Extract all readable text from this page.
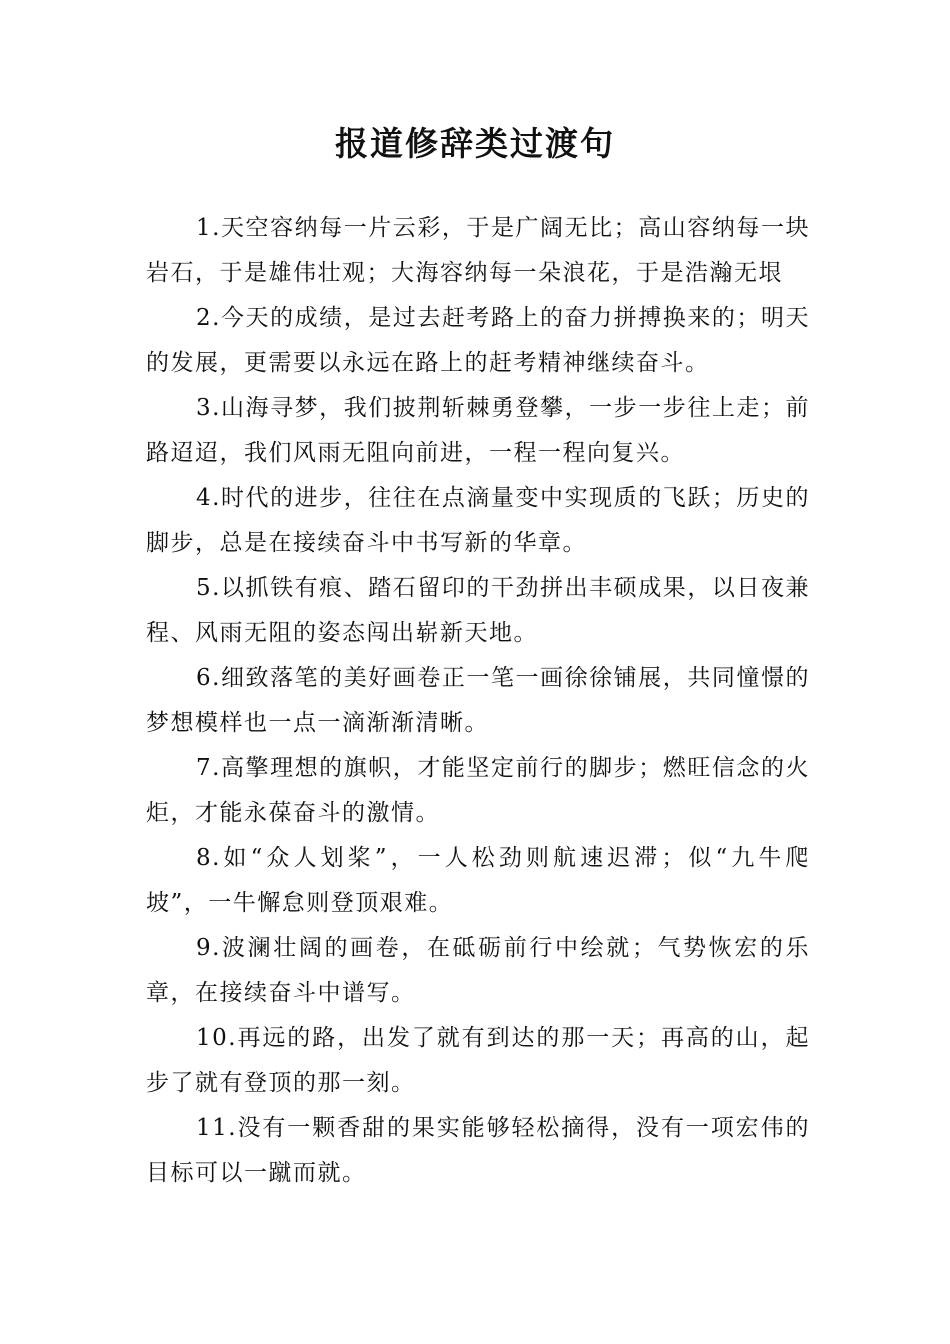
报道修辞类过渡句
1.天空容纳每一片云彩，于是广阔无比；高山容纳每一块岩石，于是雄伟壮观；大海容纳每一朵浪花，于是浩瀚无垠
2.今天的成绩，是过去赶考路上的奋力拼搏换来的；明天的发展，更需要以永远在路上的赶考精神继续奋斗。
3.山海寻梦，我们披荆斩棘勇登攀，一步一步往上走；前路迢迢，我们风雨无阻向前进，一程一程向复兴。
4.时代的进步，往往在点滴量变中实现质的飞跃；历史的脚步，总是在接续奋斗中书写新的华章。
5.以抓铁有痕、踏石留印的干劲拼出丰硕成果，以日夜兼程、风雨无阻的姿态闯出崭新天地。
6.细致落笔的美好画卷正一笔一画徐徐铺展，共同憧憬的梦想模样也一点一滴渐渐清晰。
7.高擎理想的旗帜，才能坚定前行的脚步；燃旺信念的火炬，才能永葆奋斗的激情。
8.如“众人划桨”，一人松劲则航速迟滞；似“九牛爬坡”，一牛懈怠则登顶艰难。
9.波澜壮阔的画卷，在砥砺前行中绘就；气势恢宏的乐章，在接续奋斗中谱写。
10.再远的路，出发了就有到达的那一天；再高的山，起步了就有登顶的那一刻。
11.没有一颗香甜的果实能够轻松摘得，没有一项宏伟的目标可以一蹴而就。
